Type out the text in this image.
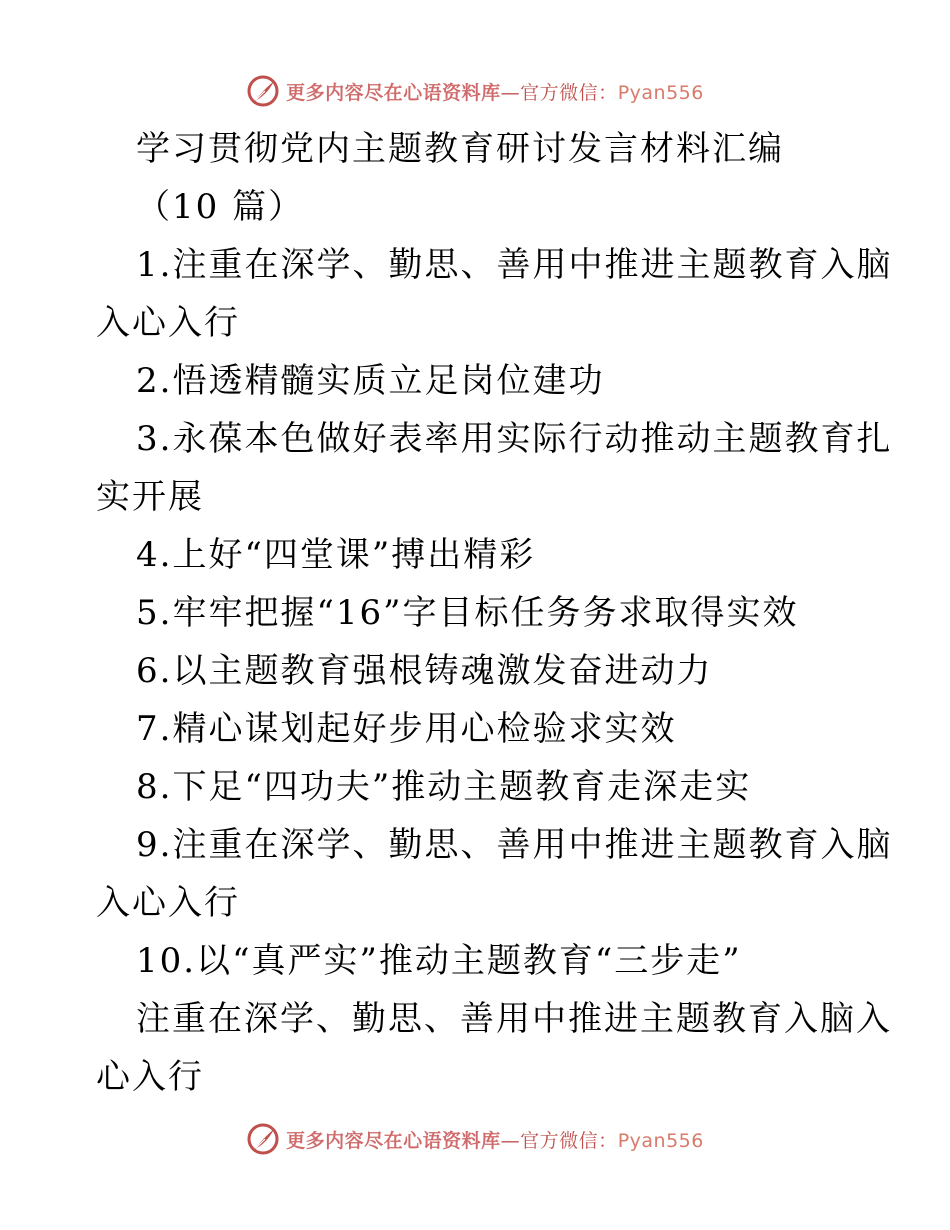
更多内容尽在心语资料库—官方微信：Pyan556
学习贯彻党内主题教育研讨发言材料汇编
（10 篇）
1.注重在深学、勤思、善用中推进主题教育入脑
入心入行
2.悟透精髓实质立足岗位建功
3.永葆本色做好表率用实际行动推动主题教育扎
实开展
4.上好“四堂课”搏出精彩
5.牢牢把握“16”字目标任务务求取得实效
6.以主题教育强根铸魂激发奋进动力
7.精心谋划起好步用心检验求实效
8.下足“四功夫”推动主题教育走深走实
9.注重在深学、勤思、善用中推进主题教育入脑
入心入行
10.以“真严实”推动主题教育“三步走”
注重在深学、勤思、善用中推进主题教育入脑入
心入行
更多内容尽在心语资料库—官方微信：Pyan556
